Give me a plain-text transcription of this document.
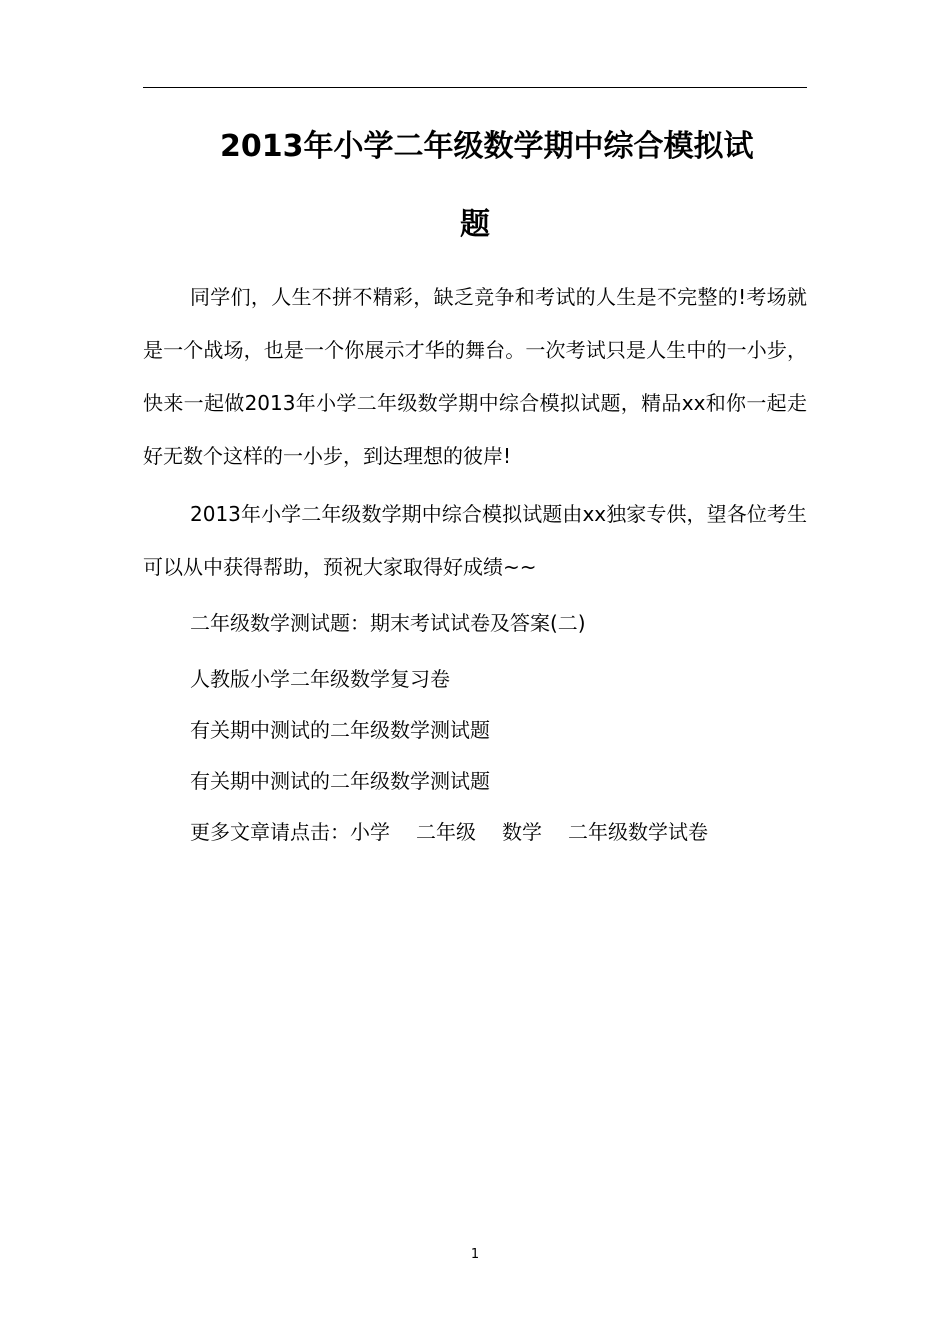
2013年小学二年级数学期中综合模拟试
题

同学们，人生不拼不精彩，缺乏竞争和考试的人生是不完整的!考场就是一个战场，也是一个你展示才华的舞台。一次考试只是人生中的一小步，快来一起做2013年小学二年级数学期中综合模拟试题，精品xx和你一起走好无数个这样的一小步，到达理想的彼岸!

2013年小学二年级数学期中综合模拟试题由xx独家专供，望各位考生可以从中获得帮助，预祝大家取得好成绩~~

二年级数学测试题：期末考试试卷及答案(二)
人教版小学二年级数学复习卷
有关期中测试的二年级数学测试题
有关期中测试的二年级数学测试题
更多文章请点击：小学 二年级 数学 二年级数学试卷
1
